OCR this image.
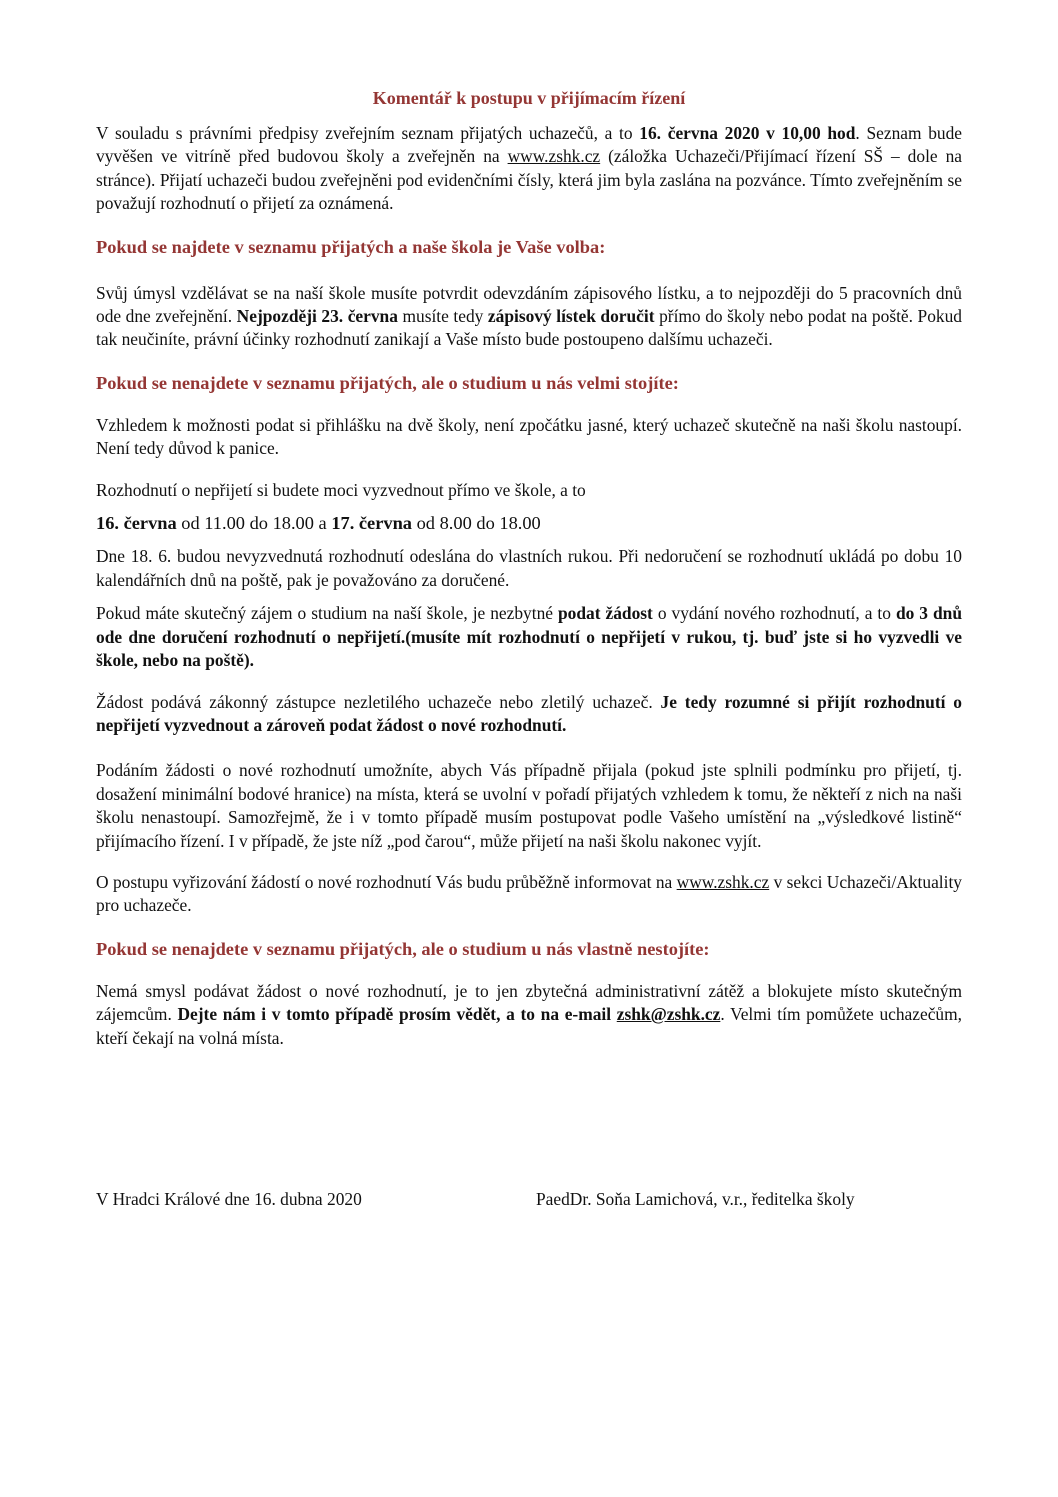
Komentář k postupu v přijímacím řízení

V souladu s právními předpisy zveřejním seznam přijatých uchazečů, a to 16. června 2020 v 10,00 hod. Seznam bude vyvěšen ve vitríně před budovou školy a zveřejněn na www.zshk.cz (záložka Uchazeči/Přijímací řízení SŠ – dole na stránce). Přijatí uchazeči budou zveřejněni pod evidenčními čísly, která jim byla zaslána na pozvánce. Tímto zveřejněním se považují rozhodnutí o přijetí za oznámená.

Pokud se najdete v seznamu přijatých a naše škola je Vaše volba:

Svůj úmysl vzdělávat se na naší škole musíte potvrdit odevzdáním zápisového lístku, a to nejpozději do 5 pracovních dnů ode dne zveřejnění. Nejpozději 23. června musíte tedy zápisový lístek doručit přímo do školy nebo podat na poště. Pokud tak neučiníte, právní účinky rozhodnutí zanikají a Vaše místo bude postoupeno dalšímu uchazeči.

Pokud se nenajdete v seznamu přijatých, ale o studium u nás velmi stojíte:

Vzhledem k možnosti podat si přihlášku na dvě školy, není zpočátku jasné, který uchazeč skutečně na naši školu nastoupí. Není tedy důvod k panice.

Rozhodnutí o nepřijetí si budete moci vyzvednout přímo ve škole, a to

16. června od 11.00 do 18.00 a 17. června od 8.00 do 18.00

Dne 18. 6. budou nevyzvednutá rozhodnutí odeslána do vlastních rukou. Při nedoručení se rozhodnutí ukládá po dobu 10 kalendářních dnů na poště, pak je považováno za doručené.

Pokud máte skutečný zájem o studium na naší škole, je nezbytné podat žádost o vydání nového rozhodnutí, a to do 3 dnů ode dne doručení rozhodnutí o nepřijetí.(musíte mít rozhodnutí o nepřijetí v rukou, tj. buď jste si ho vyzvedli ve škole, nebo na poště).

Žádost podává zákonný zástupce nezletilého uchazeče nebo zletilý uchazeč. Je tedy rozumné si přijít rozhodnutí o nepřijetí vyzvednout a zároveň podat žádost o nové rozhodnutí.

Podáním žádosti o nové rozhodnutí umožníte, abych Vás případně přijala (pokud jste splnili podmínku pro přijetí, tj. dosažení minimální bodové hranice) na místa, která se uvolní v pořadí přijatých vzhledem k tomu, že někteří z nich na naši školu nenastoupí. Samozřejmě, že i v tomto případě musím postupovat podle Vašeho umístění na „výsledkové listině“ přijímacího řízení. I v případě, že jste níž „pod čarou“, může přijetí na naši školu nakonec vyjít.

O postupu vyřizování žádostí o nové rozhodnutí Vás budu průběžně informovat na www.zshk.cz v sekci Uchazeči/Aktuality pro uchazeče.

Pokud se nenajdete v seznamu přijatých, ale o studium u nás vlastně nestojíte:

Nemá smysl podávat žádost o nové rozhodnutí, je to jen zbytečná administrativní zátěž a blokujete místo skutečným zájemcům. Dejte nám i v tomto případě prosím vědět, a to na e-mail zshk@zshk.cz. Velmi tím pomůžete uchazečům, kteří čekají na volná místa.

V Hradci Králové dne 16. dubna 2020	PaedDr. Soňa Lamichová, v.r., ředitelka školy
